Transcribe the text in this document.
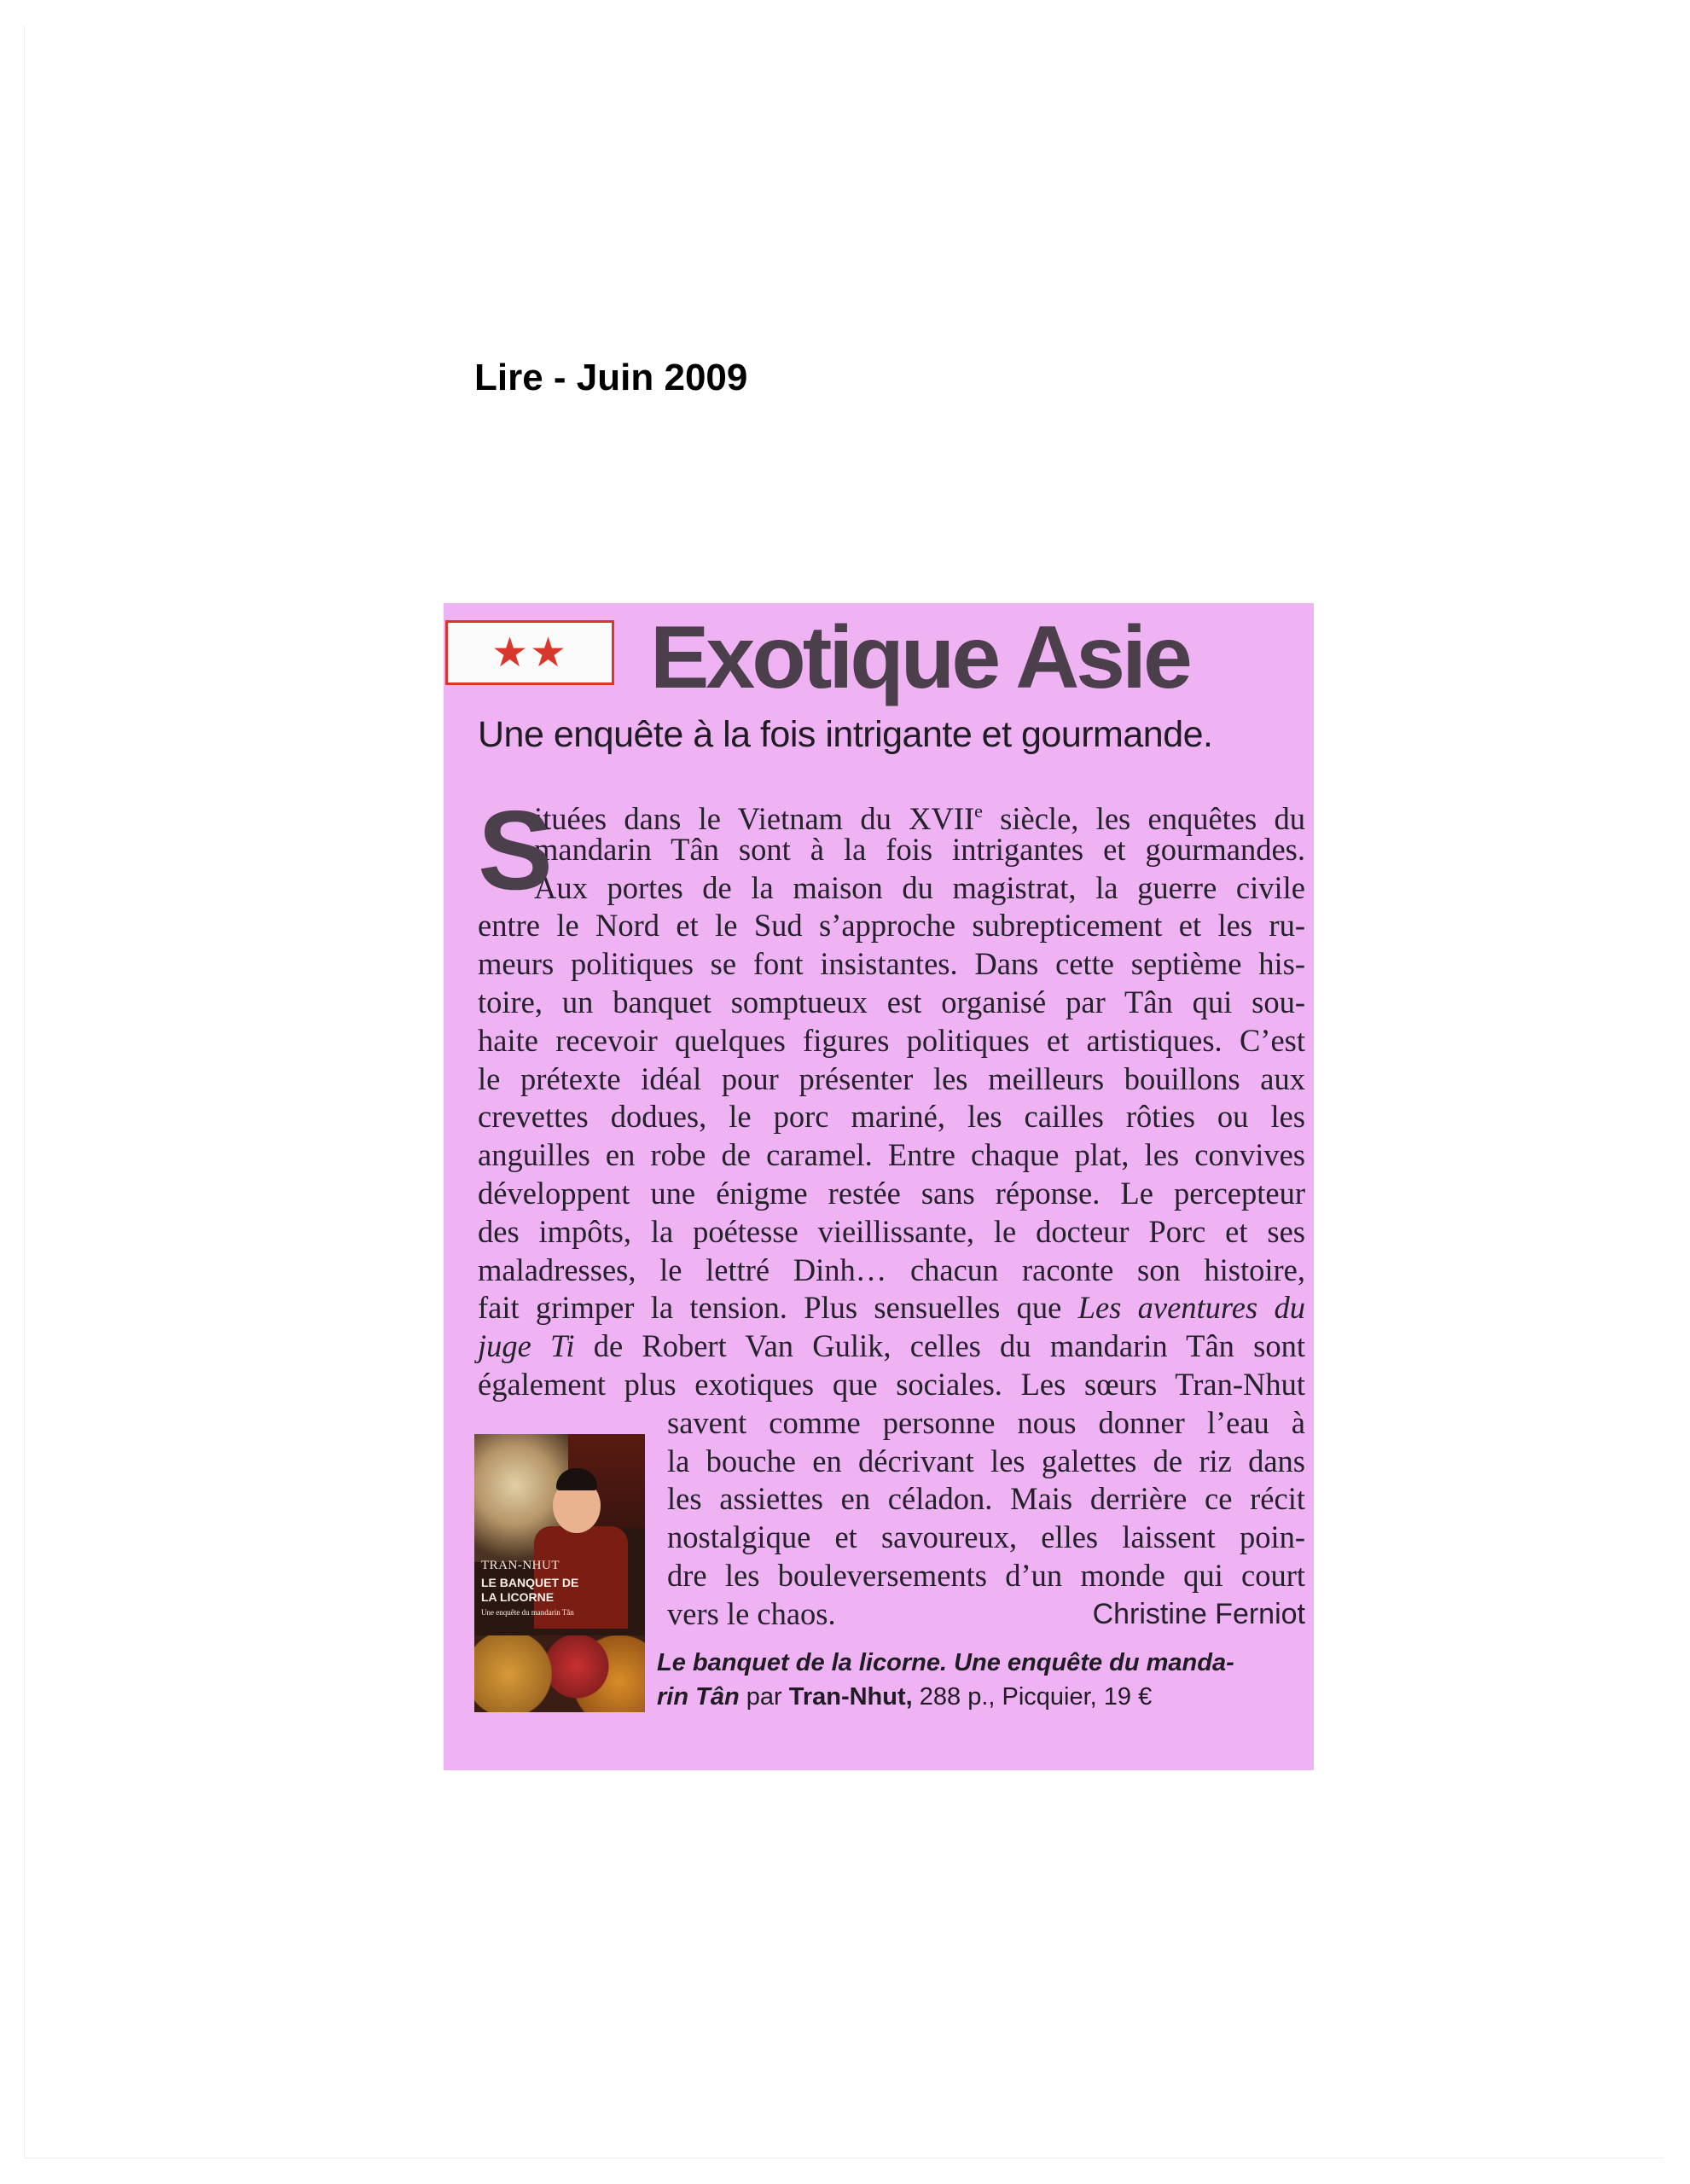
Lire - Juin 2009
★★ Exotique Asie
Une enquête à la fois intrigante et gourmande.
S
ituées dans le Vietnam du XVIIe siècle, les enquêtes du
mandarin Tân sont à la fois intrigantes et gourmandes.
Aux portes de la maison du magistrat, la guerre civile
entre le Nord et le Sud s’approche subrepticement et les ru-
meurs politiques se font insistantes. Dans cette septième his-
toire, un banquet somptueux est organisé par Tân qui sou-
haite recevoir quelques figures politiques et artistiques. C’est
le prétexte idéal pour présenter les meilleurs bouillons aux
crevettes dodues, le porc mariné, les cailles rôties ou les
anguilles en robe de caramel. Entre chaque plat, les convives
développent une énigme restée sans réponse. Le percepteur
des impôts, la poétesse vieillissante, le docteur Porc et ses
maladresses, le lettré Dinh… chacun raconte son histoire,
fait grimper la tension. Plus sensuelles que Les aventures du
juge Ti de Robert Van Gulik, celles du mandarin Tân sont
également plus exotiques que sociales. Les sœurs Tran-Nhut
savent comme personne nous donner l’eau à
la bouche en décrivant les galettes de riz dans
les assiettes en céladon. Mais derrière ce récit
nostalgique et savoureux, elles laissent poin-
dre les bouleversements d’un monde qui court
vers le chaos.	Christine Ferniot
TRAN-NHUT
LE BANQUET DE LA LICORNE
Une enquête du mandarin Tân
Le banquet de la licorne. Une enquête du manda-
rin Tân par Tran-Nhut, 288 p., Picquier, 19 €
